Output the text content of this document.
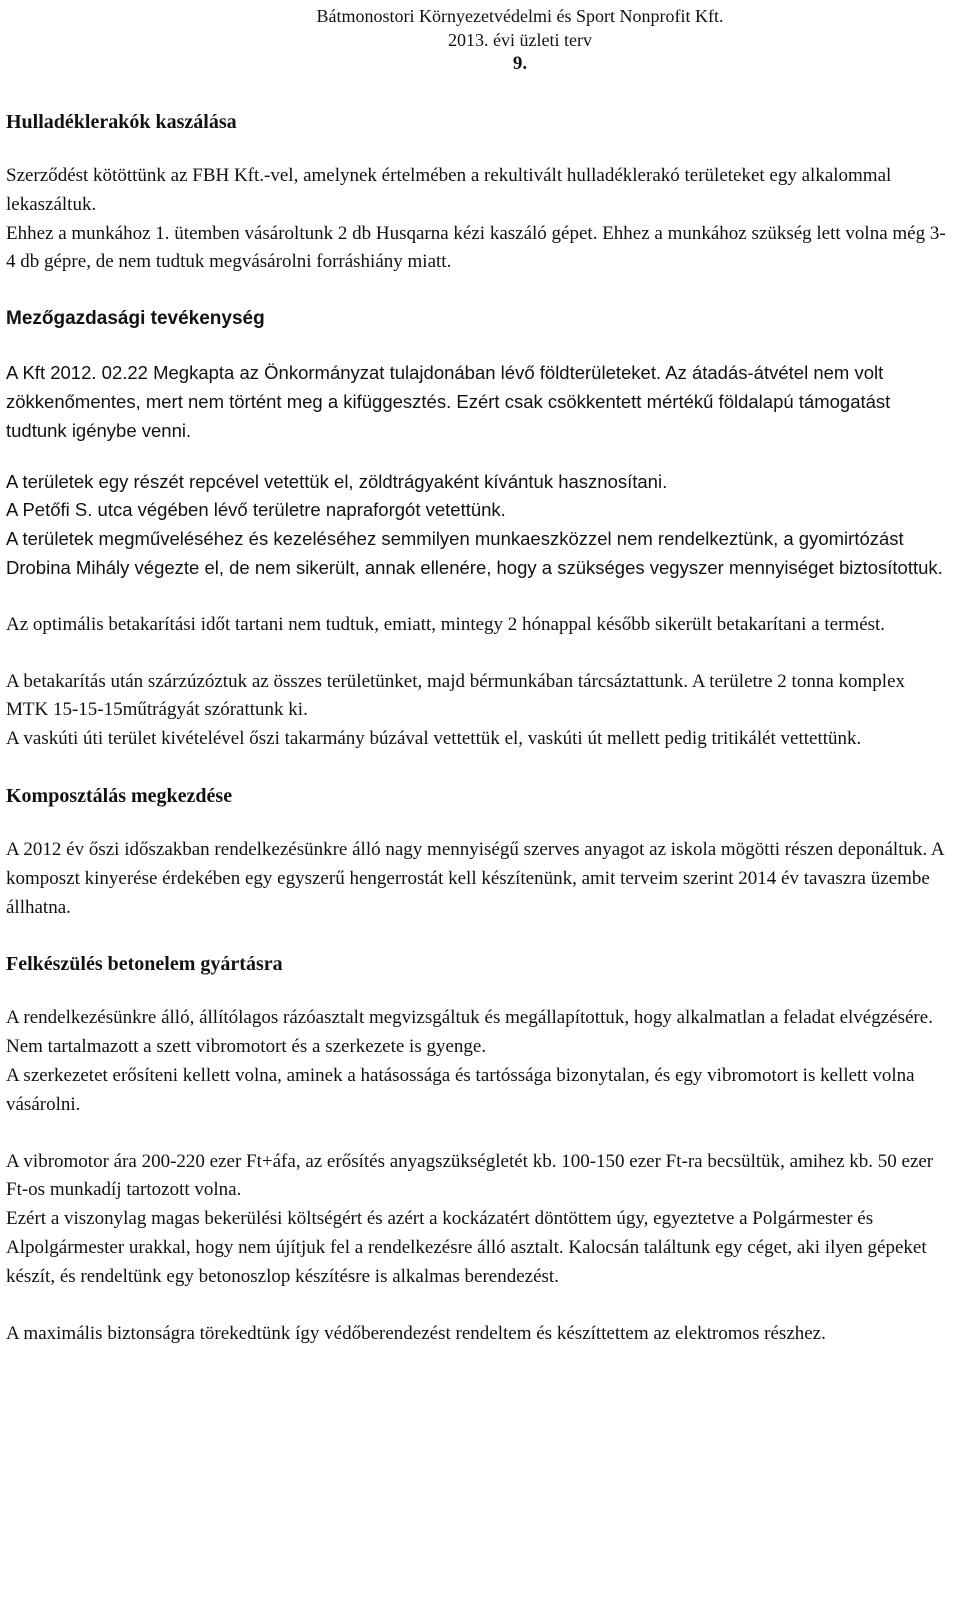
Bátmonostori Környezetvédelmi és Sport Nonprofit Kft.
2013. évi üzleti terv
9.
Hulladéklerakók kaszálása

Szerződést kötöttünk az FBH Kft.-vel, amelynek értelmében a rekultivált hulladéklerakó területeket egy alkalommal lekaszáltuk.

Ehhez a munkához 1. ütemben vásároltunk 2 db Husqarna kézi kaszáló gépet. Ehhez a munkához szükség lett volna még 3-4 db gépre, de nem tudtuk megvásárolni forráshiány miatt.

Mezőgazdasági tevékenység

A Kft 2012. 02.22 Megkapta az Önkormányzat tulajdonában lévő földterületeket. Az átadás-átvétel nem volt zökkenőmentes, mert nem történt meg a kifüggesztés. Ezért csak csökkentett mértékű földalapú támogatást tudtunk igénybe venni.

A területek egy részét repcével vetettük el, zöldtrágyaként kívántuk hasznosítani.

A Petőfi S. utca végében lévő területre napraforgót vetettünk.

A területek megműveléséhez és kezeléséhez semmilyen munkaeszközzel nem rendelkeztünk, a gyomirtózást Drobina Mihály végezte el, de nem sikerült, annak ellenére, hogy a szükséges vegyszer mennyiséget biztosítottuk.

Az optimális betakarítási időt tartani nem tudtuk, emiatt, mintegy 2 hónappal később sikerült betakarítani a termést.

A betakarítás után szárzúzóztuk az összes területünket, majd bérmunkában tárcsáztattunk. A területre 2 tonna komplex MTK 15-15-15műtrágyát szórattunk ki.

A vaskúti úti terület kivételével őszi takarmány búzával vettettük el, vaskúti út mellett pedig tritikálét vettettünk.

Komposztálás megkezdése

A 2012 év őszi időszakban rendelkezésünkre álló nagy mennyiségű szerves anyagot az iskola mögötti részen deponáltuk. A komposzt kinyerése érdekében egy egyszerű hengerrostát kell készítenünk, amit terveim szerint 2014 év tavaszra üzembe állhatna.

Felkészülés betonelem gyártásra

A rendelkezésünkre álló, állítólagos rázóasztalt megvizsgáltuk és megállapítottuk, hogy alkalmatlan a feladat elvégzésére. Nem tartalmazott a szett vibromotort és a szerkezete is gyenge.

A szerkezetet erősíteni kellett volna, aminek a hatásossága és tartóssága bizonytalan, és egy vibromotort is kellett volna vásárolni.

A vibromotor ára 200-220 ezer Ft+áfa, az erősítés anyagszükségletét kb. 100-150 ezer Ft-ra becsültük, amihez kb. 50 ezer Ft-os munkadíj tartozott volna.

Ezért a viszonylag magas bekerülési költségért és azért a kockázatért döntöttem úgy, egyeztetve a Polgármester és Alpolgármester urakkal, hogy nem újítjuk fel a rendelkezésre álló asztalt. Kalocsán találtunk egy céget, aki ilyen gépeket készít, és rendeltünk egy betonoszlop készítésre is alkalmas berendezést.

A maximális biztonságra törekedtünk így védőberendezést rendeltem és készíttettem az elektromos részhez.
